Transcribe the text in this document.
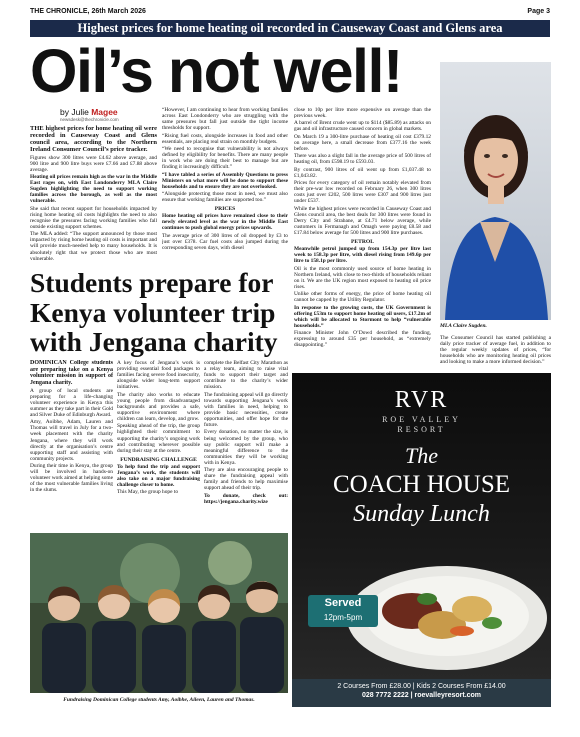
THE CHRONICLE, 26th March 2026	Page 3
Highest prices for home heating oil recorded in Causeway Coast and Glens area
Oil’s not well!
MLA Claire Sugden.
by Julie Magee
newsdesk@thechronicle.com

THE highest prices for home heating oil were recorded in Causeway Coast and Glens council area, according to the Northern Ireland Consumer Council’s price tracker.

Figures show 300 litres were £4.62 above average, and 900 litre and 900 litre buys were £7.66 and £7.88 above average.

Heating oil prices remain high as the war in the Middle East rages on, with East Londonderry MLA Claire Sugden highlighting the need to support working families across the borough, as well as the most vulnerable.

She said that recent support for households impacted by rising home heating oil costs highlights the need to also recognise the pressures facing working families who fall outside existing support schemes.

The MLA added: “The support announced by those most impacted by rising home heating oil costs is important and will provide much-needed help to many households. It is absolutely right that we protect those who are most vulnerable.

“However, I am continuing to hear from working families across East Londonderry who are struggling with the same pressures but fall just outside the tight income thresholds for support.

“Rising fuel costs, alongside increases in food and other essentials, are placing real strain on monthly budgets.

“We need to recognise that vulnerability is not always defined by eligibility for benefits. There are many people in work who are doing their best to manage but are finding it increasingly difficult.”

“I have tabled a series of Assembly Questions to press Ministers on what more will be done to support these households and to ensure they are not overlooked.

“Alongside protecting those most in need, we must also ensure that working families are supported too.”

PRICES

Home heating oil prices have remained close to their newly elevated level as the war in the Middle East continues to push global energy prices upwards.

The average price of 300 litres of oil dropped by £3 to just over £378. Car fuel costs also jumped during the corresponding seven days, with diesel

close to 10p per litre more expensive on average than the previous week.

A barrel of Brent crude went up to $114 ($85.89) as attacks on gas and oil infrastructure caused concern in global markets.

On March 19 a 300-litre purchase of heating oil cost £379.12 on average here, a small decrease from £377.16 the week before.

There was also a slight fall in the average price of 500 litres of heating oil, from £598.19 to £593.03.

By contrast, 900 litres of oil went up from £1,037.48 to £1,043.82.

Prices for every category of oil remain notably elevated from their pre-war low recorded on February 26, when 300 litres costs just over £202, 500 litres were £307 and 900 litres just under £537.

While the highest prices were recorded in Causeway Coast and Glens council area, the best deals for 300 litres were found in Derry City and Strabane, at £4.71 below average, while customers in Fermanagh and Omagh were paying £8.58 and £17.84 below average for 500 litres and 900 litre purchases.

PETROL

Meanwhile petrol jumped up from 154.3p per litre last week to 158.3p per litre, with diesel rising from 149.6p per litre to 158.1p per litre.

Oil is the most commonly used source of home heating in Northern Ireland, with close to two-thirds of households reliant on it. We are the UK region most exposed to heating oil price rises.

Unlike other forms of energy, the price of home heating oil cannot be capped by the Utility Regulator.

In response to the growing costs, the UK Government is offering £53m to support home heating oil users, £17.2m of which will be allocated to Stormont to help “vulnerable households.”

Finance Minister John O’Dowd described the funding, expressing to around £35 per household, as “extremely disappointing.”

The Consumer Council has started publishing a daily price tracker of average fuel, in addition to the regular weekly updates of prices, “for households who are monitoring heating oil prices and looking to make a more informed decision.”

Students prepare for
Kenya volunteer trip
with Jengana charity

DOMINICAN College students are preparing take on a Kenya volunteer mission in support of Jengana charity.

A group of local students are preparing for a life-changing volunteer experience in Kenya this summer as they take part in their Gold and Silver Duke of Edinburgh Award.

Amy, Aoibhe, Adam, Lauren and Thomas will travel in July for a two-week placement with the charity Jengana, where they will work directly at the organisation’s centre supporting staff and assisting with community projects.

During their time in Kenya, the group will be involved in hands-on volunteer work aimed at helping some of the most vulnerable families living in the slums.

A key focus of Jengana’s work is providing essential food packages to families facing severe food insecurity, alongside wider long-term support initiatives.

The charity also works to educate young people from disadvantaged backgrounds and provides a safe, supportive environment where children can learn, develop, and grow.

Speaking ahead of the trip, the group highlighted their commitment to supporting the charity’s ongoing work and contributing wherever possible during their stay at the centre.

FUNDRAISING CHALLENGE

To help fund the trip and support Jengana’s work, the students will also take on a major fundraising challenge closer to home.

This May, the group hope to

complete the Belfast City Marathon as a relay team, aiming to raise vital funds to support their target and contribute to the charity’s wider mission.

The fundraising appeal will go directly towards supporting Jengana’s work with families in need, helping to provide basic necessities, create opportunities, and offer hope for the future.

Every donation, no matter the size, is being welcomed by the group, who say public support will make a meaningful difference to the communities they will be working with in Kenya.

They are also encouraging people to share the fundraising appeal with family and friends to help maximise support ahead of their trip.

To donate, check out: https://jengana.charity.wize

Fundraising Dominican College students Amy, Aoibhe, Aileen, Lauren and Thomas.
RVR
ROE VALLEY
RESORT
The
COACH HOUSE
Sunday Lunch
Served
12pm-5pm
2 Courses From £28.00 | Kids 2 Courses From £14.00
028 7772 2222 | roevalleyresort.com
